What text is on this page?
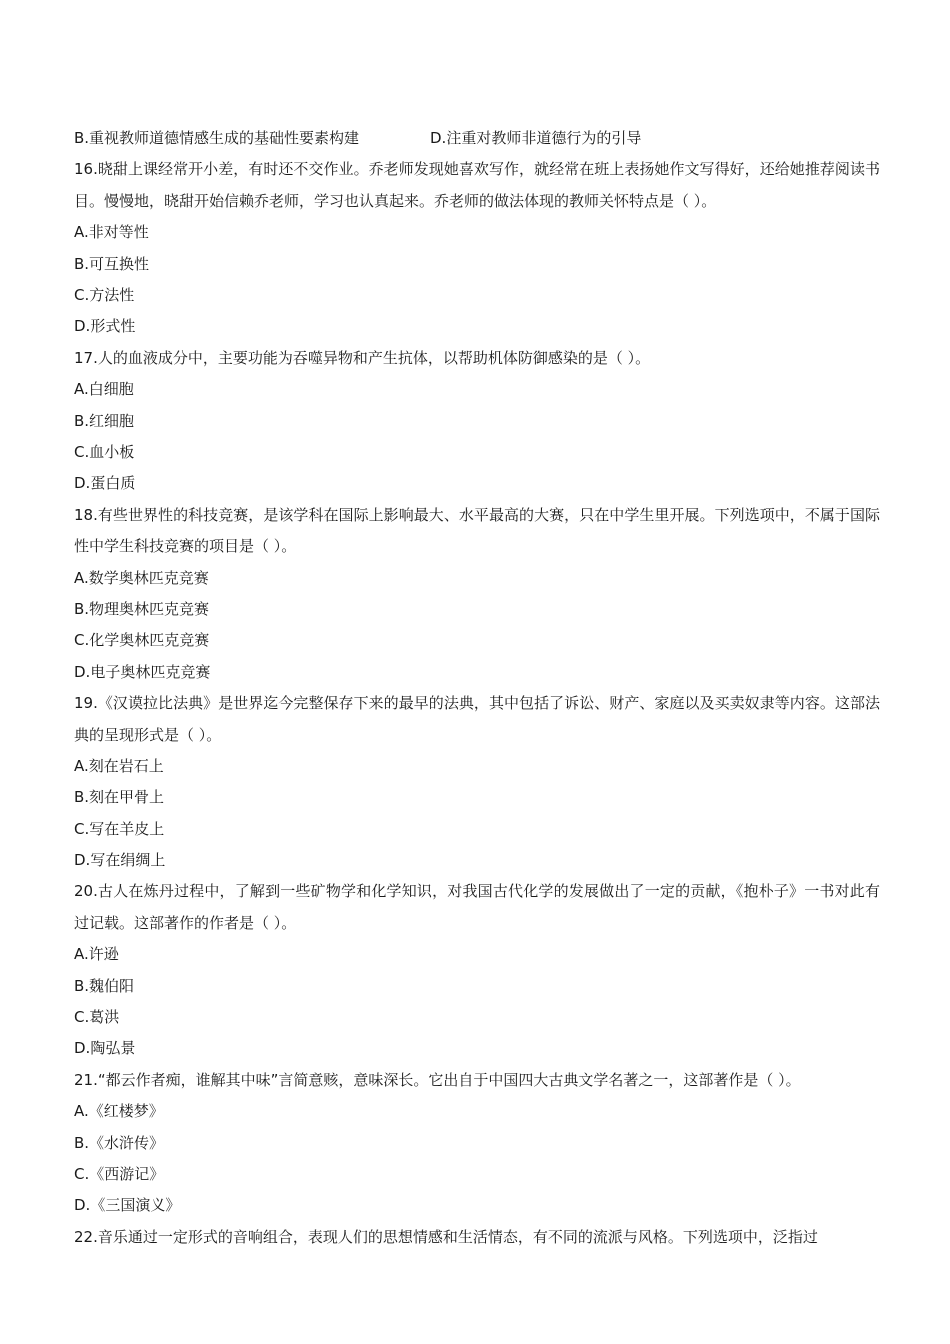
B.重视教师道德情感生成的基础性要素构建	D.注重对教师非道德行为的引导
16.晓甜上课经常开小差，有时还不交作业。乔老师发现她喜欢写作，就经常在班上表扬她作文写得好，还给她推荐阅读书目。慢慢地，晓甜开始信赖乔老师，学习也认真起来。乔老师的做法体现的教师关怀特点是（ ）。
A.非对等性
B.可互换性
C.方法性
D.形式性
17.人的血液成分中，主要功能为吞噬异物和产生抗体，以帮助机体防御感染的是（ ）。
A.白细胞
B.红细胞
C.血小板
D.蛋白质
18.有些世界性的科技竞赛，是该学科在国际上影响最大、水平最高的大赛，只在中学生里开展。下列选项中，不属于国际性中学生科技竞赛的项目是（ ）。
A.数学奥林匹克竞赛
B.物理奥林匹克竞赛
C.化学奥林匹克竞赛
D.电子奥林匹克竞赛
19.《汉谟拉比法典》是世界迄今完整保存下来的最早的法典，其中包括了诉讼、财产、家庭以及买卖奴隶等内容。这部法典的呈现形式是（ ）。
A.刻在岩石上
B.刻在甲骨上
C.写在羊皮上
D.写在绢绸上
20.古人在炼丹过程中，了解到一些矿物学和化学知识，对我国古代化学的发展做出了一定的贡献，《抱朴子》一书对此有过记载。这部著作的作者是（ ）。
A.许逊
B.魏伯阳
C.葛洪
D.陶弘景
21.“都云作者痴，谁解其中味”言简意赅，意味深长。它出自于中国四大古典文学名著之一，这部著作是（ ）。
A.《红楼梦》
B.《水浒传》
C.《西游记》
D.《三国演义》
22.音乐通过一定形式的音响组合，表现人们的思想情感和生活情态，有不同的流派与风格。下列选项中，泛指过
